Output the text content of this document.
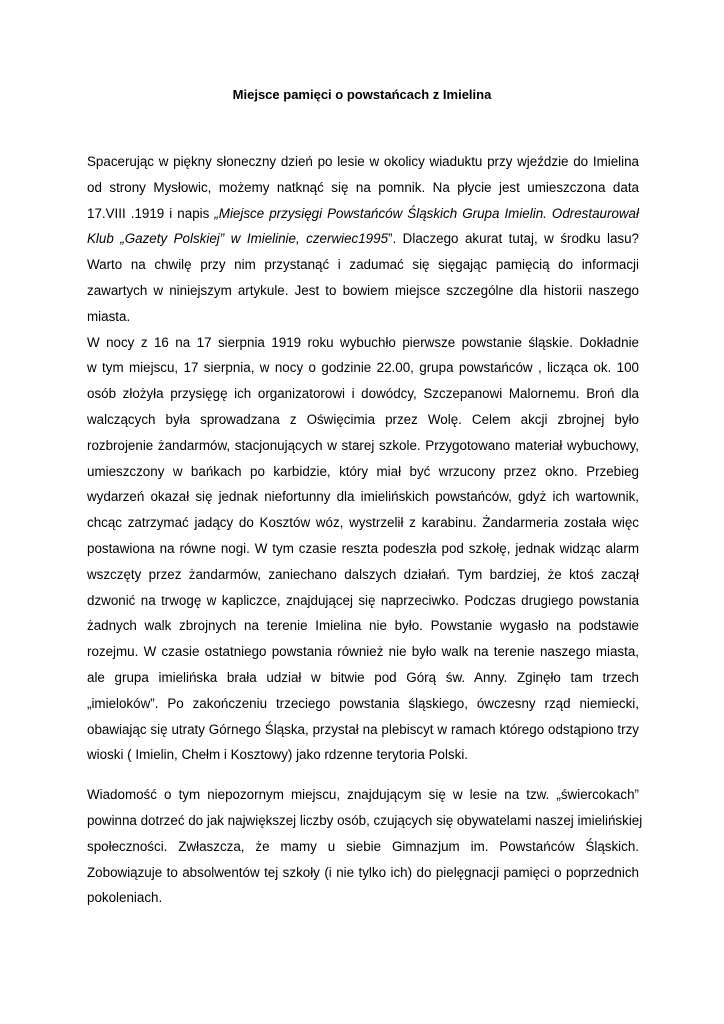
Miejsce pamięci o powstańcach z Imielina
Spacerując w piękny słoneczny dzień po lesie w okolicy wiaduktu przy wjeździe do Imielina
od strony Mysłowic, możemy natknąć się na pomnik. Na płycie jest umieszczona data
17.VIII .1919 i napis „Miejsce przysięgi Powstańców Śląskich Grupa Imielin. Odrestaurował
Klub „Gazety Polskiej” w Imielinie, czerwiec1995”. Dlaczego akurat tutaj, w środku lasu?
Warto na chwilę przy nim przystanąć i zadumać się sięgając pamięcią do informacji
zawartych w niniejszym artykule. Jest to bowiem miejsce szczególne dla historii naszego
miasta.
W nocy z 16 na 17 sierpnia 1919 roku wybuchło pierwsze powstanie śląskie. Dokładnie
w tym miejscu, 17 sierpnia, w nocy o godzinie 22.00, grupa powstańców , licząca ok. 100
osób złożyła przysięgę ich organizatorowi i dowódcy, Szczepanowi Malornemu. Broń dla
walczących była sprowadzana z Oświęcimia przez Wolę. Celem akcji zbrojnej było
rozbrojenie żandarmów, stacjonujących w starej szkole. Przygotowano materiał wybuchowy,
umieszczony w bańkach po karbidzie, który miał być wrzucony przez okno. Przebieg
wydarzeń okazał się jednak niefortunny dla imielińskich powstańców, gdyż ich wartownik,
chcąc zatrzymać jadący do Kosztów wóz, wystrzelił z karabinu. Żandarmeria została więc
postawiona na równe nogi. W tym czasie reszta podeszła pod szkołę, jednak widząc alarm
wszczęty przez żandarmów, zaniechano dalszych działań. Tym bardziej, że ktoś zaczął
dzwonić na trwogę w kapliczce, znajdującej się naprzeciwko. Podczas drugiego powstania
żadnych walk zbrojnych na terenie Imielina nie było. Powstanie wygasło na podstawie
rozejmu. W czasie ostatniego powstania również nie było walk na terenie naszego miasta,
ale grupa imielińska brała udział w bitwie pod Górą św. Anny. Zginęło tam trzech
„imieloków”. Po zakończeniu trzeciego powstania śląskiego, ówczesny rząd niemiecki,
obawiając się utraty Górnego Śląska, przystał na plebiscyt w ramach którego odstąpiono trzy
wioski ( Imielin, Chełm i Kosztowy) jako rdzenne terytoria Polski.
Wiadomość o tym niepozornym miejscu, znajdującym się w lesie na tzw. „świercokach”
powinna dotrzeć do jak największej liczby osób, czujących się obywatelami naszej imielińskiej
społeczności. Zwłaszcza, że mamy u siebie Gimnazjum im. Powstańców Śląskich.
Zobowiązuje to absolwentów tej szkoły (i nie tylko ich) do pielęgnacji pamięci o poprzednich
pokoleniach.
